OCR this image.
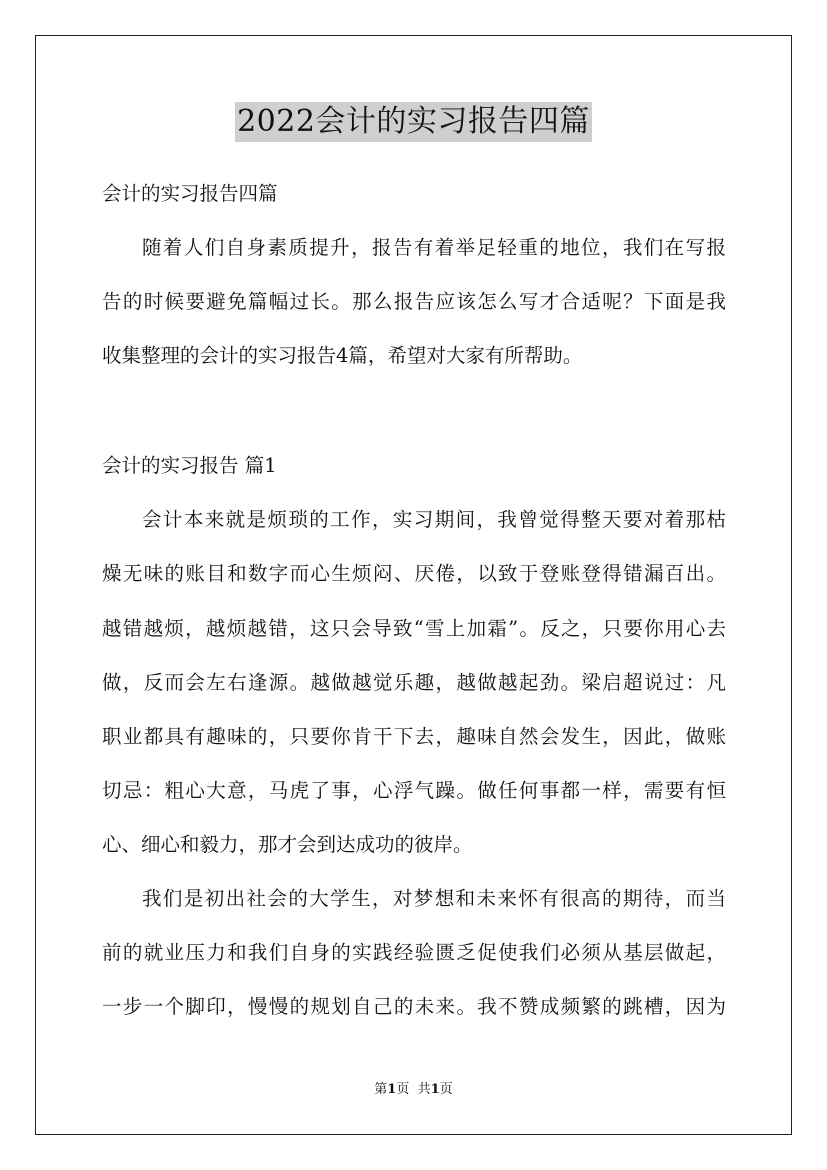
2022会计的实习报告四篇
会计的实习报告四篇
随着人们自身素质提升，报告有着举足轻重的地位，我们在写报
告的时候要避免篇幅过长。那么报告应该怎么写才合适呢？下面是我
收集整理的会计的实习报告4篇，希望对大家有所帮助。
会计的实习报告 篇1
会计本来就是烦琐的工作，实习期间，我曾觉得整天要对着那枯
燥无味的账目和数字而心生烦闷、厌倦，以致于登账登得错漏百出。
越错越烦，越烦越错，这只会导致“雪上加霜”。反之，只要你用心去
做，反而会左右逢源。越做越觉乐趣，越做越起劲。梁启超说过：凡
职业都具有趣味的，只要你肯干下去，趣味自然会发生，因此，做账
切忌：粗心大意，马虎了事，心浮气躁。做任何事都一样，需要有恒
心、细心和毅力，那才会到达成功的彼岸。
我们是初出社会的大学生，对梦想和未来怀有很高的期待，而当
前的就业压力和我们自身的实践经验匮乏促使我们必须从基层做起，
一步一个脚印，慢慢的规划自己的未来。我不赞成频繁的跳槽，因为
第1页 共1页
